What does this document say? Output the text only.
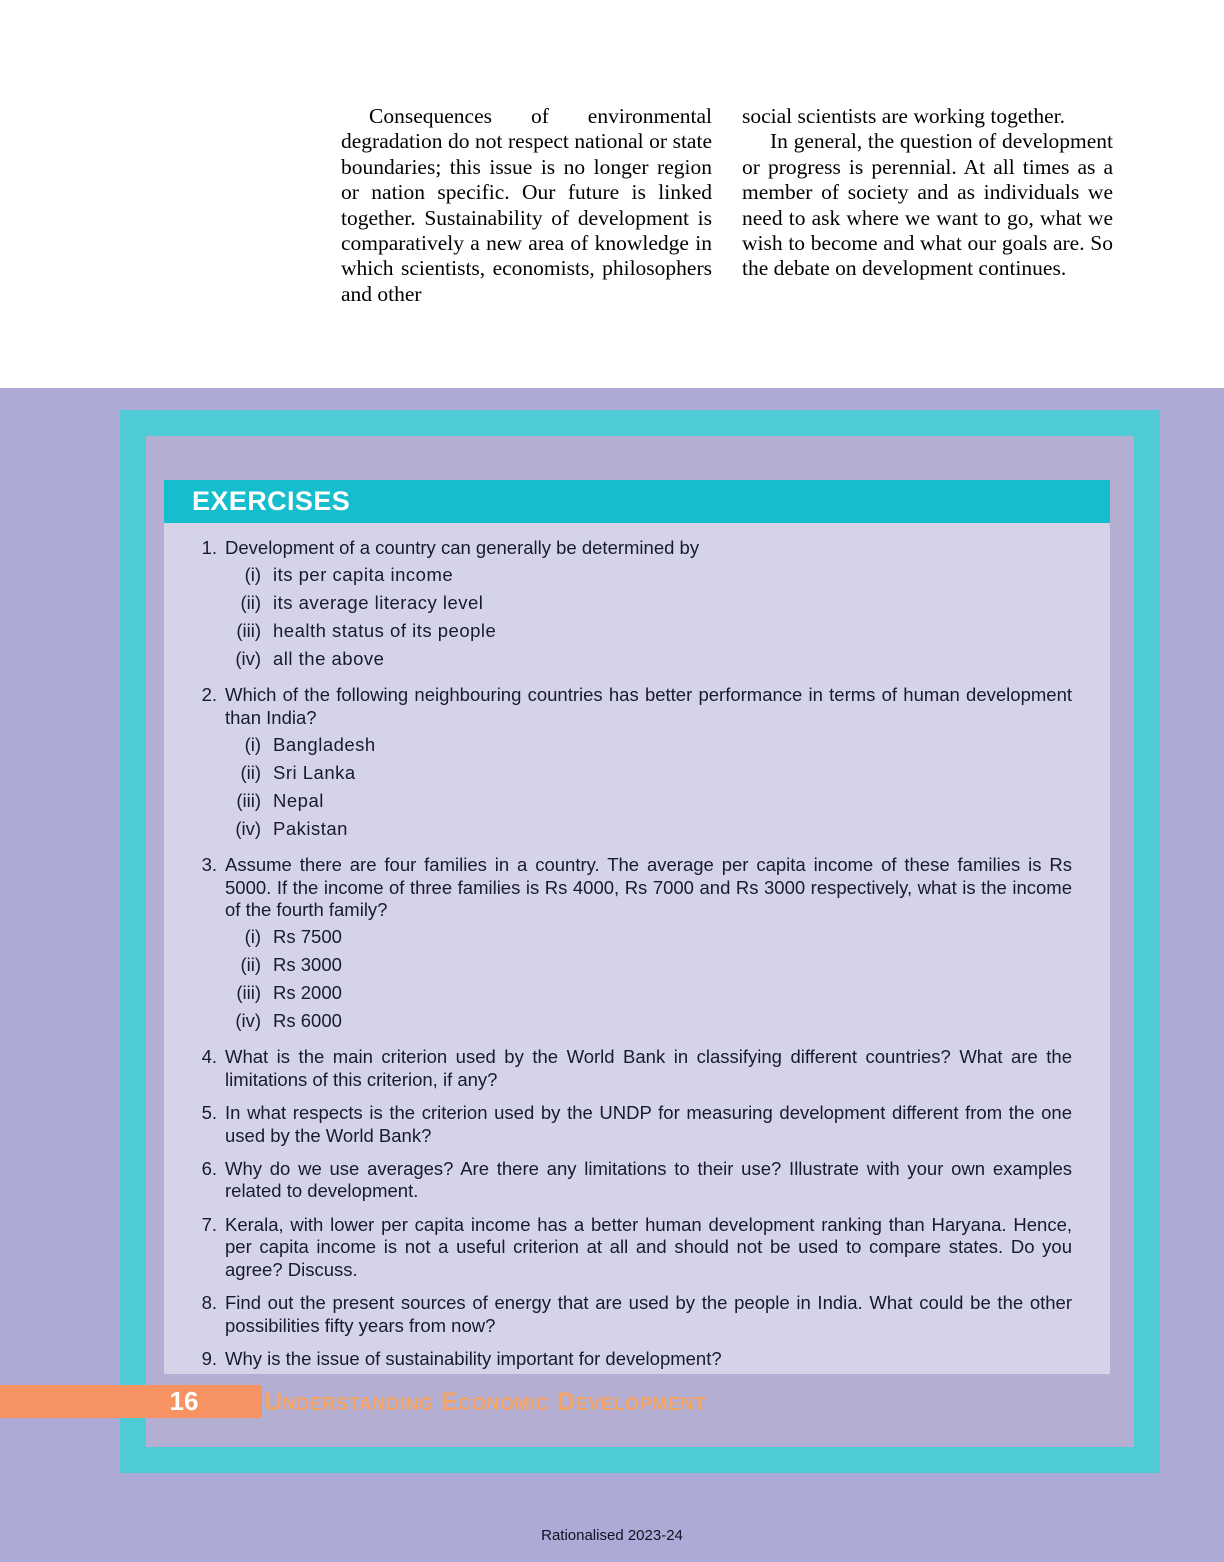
Consequences of environmental degradation do not respect national or state boundaries; this issue is no longer region or nation specific. Our future is linked together. Sustainability of development is comparatively a new area of knowledge in which scientists, economists, philosophers and other

social scientists are working together.

In general, the question of development or progress is perennial. At all times as a member of society and as individuals we need to ask where we want to go, what we wish to become and what our goals are. So the debate on development continues.

EXERCISES
1. Development of a country can generally be determined by
(i) its per capita income
(ii) its average literacy level
(iii) health status of its people
(iv) all the above
2. Which of the following neighbouring countries has better performance in terms of human development than India?
(i) Bangladesh
(ii) Sri Lanka
(iii) Nepal
(iv) Pakistan
3. Assume there are four families in a country. The average per capita income of these families is Rs 5000. If the income of three families is Rs 4000, Rs 7000 and Rs 3000 respectively, what is the income of the fourth family?
(i) Rs 7500
(ii) Rs 3000
(iii) Rs 2000
(iv) Rs 6000
4. What is the main criterion used by the World Bank in classifying different countries? What are the limitations of this criterion, if any?
5. In what respects is the criterion used by the UNDP for measuring development different from the one used by the World Bank?
6. Why do we use averages? Are there any limitations to their use? Illustrate with your own examples related to development.
7. Kerala, with lower per capita income has a better human development ranking than Haryana. Hence, per capita income is not a useful criterion at all and should not be used to compare states. Do you agree? Discuss.
8. Find out the present sources of energy that are used by the people in India. What could be the other possibilities fifty years from now?
9. Why is the issue of sustainability important for development?
16	Understanding Economic Development
Rationalised 2023-24
